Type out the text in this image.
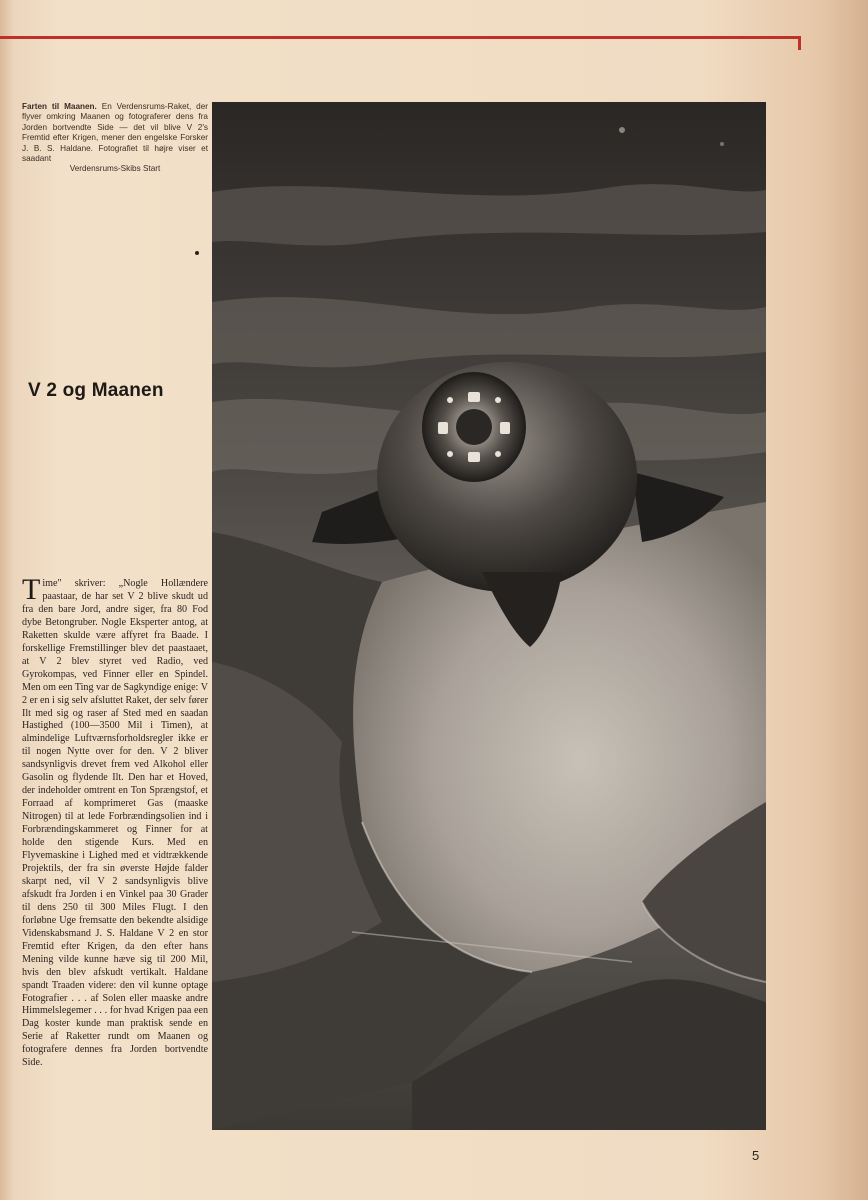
Farten til Maanen. En Verdensrums-Raket, der flyver omkring Maanen og fotograferer dens fra Jorden bortvendte Side — det vil blive V 2's Fremtid efter Krigen, mener den engelske Forsker J. B. S. Haldane. Fotografiet til højre viser et saadant
Verdensrums-Skibs Start
V 2 og Maanen
Time" skriver: „Nogle Hollændere paastaar, de har set V 2 blive skudt ud fra den bare Jord, andre siger, fra 80 Fod dybe Betongruber. Nogle Eksperter antog, at Raketten skulde være affyret fra Baade. I forskellige Fremstillinger blev det paastaaet, at V 2 blev styret ved Radio, ved Gyrokompas, ved Finner eller en Spindel. Men om een Ting var de Sagkyndige enige: V 2 er en i sig selv afsluttet Raket, der selv fører Ilt med sig og raser af Sted med en saadan Hastighed (100—3500 Mil i Timen), at almindelige Luftværnsforholdsregler ikke er til nogen Nytte over for den. V 2 bliver sandsynligvis drevet frem ved Alkohol eller Gasolin og flydende Ilt. Den har et Hoved, der indeholder omtrent en Ton Sprængstof, et Forraad af komprimeret Gas (maaske Nitrogen) til at lede Forbrændingsolien ind i Forbrændingskammeret og Finner for at holde den stigende Kurs. Med en Flyvemaskine i Lighed med et vidtrækkende Projektils, der fra sin øverste Højde falder skarpt ned, vil V 2 sandsynligvis blive afskudt fra Jorden i en Vinkel paa 30 Grader til dens 250 til 300 Miles Flugt. I den forløbne Uge fremsatte den bekendte alsidige Videnskabsmand J. S. Haldane V 2 en stor Fremtid efter Krigen, da den efter hans Mening vilde kunne hæve sig til 200 Mil, hvis den blev afskudt vertikalt. Haldane spandt Traaden videre: den vil kunne optage Fotografier . . . af Solen eller maaske andre Himmelslegemer . . . for hvad Krigen paa een Dag koster kunde man praktisk sende en Serie af Raketter rundt om Maanen og fotografere dennes fra Jorden bortvendte Side.
5
